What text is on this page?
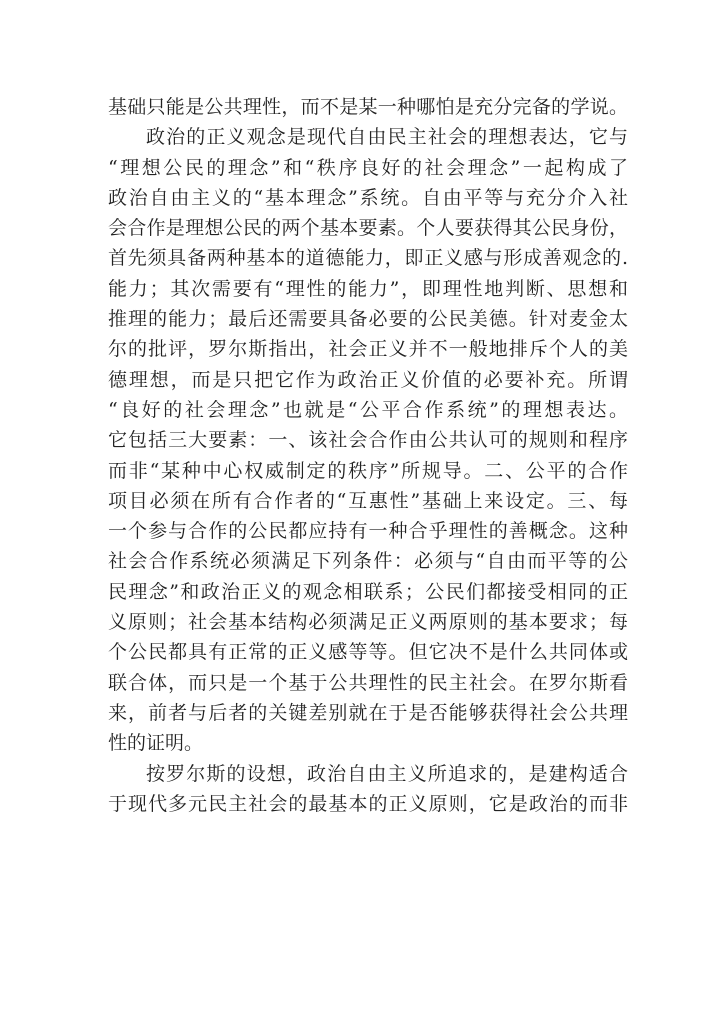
基础只能是公共理性，而不是某一种哪怕是充分完备的学说。
政治的正义观念是现代自由民主社会的理想表达，它与
“理想公民的理念”和“秩序良好的社会理念”一起构成了
政治自由主义的“基本理念”系统。自由平等与充分介入社
会合作是理想公民的两个基本要素。个人要获得其公民身份，
首先须具备两种基本的道德能力，即正义感与形成善观念的.
能力；其次需要有“理性的能力”，即理性地判断、思想和
推理的能力；最后还需要具备必要的公民美德。针对麦金太
尔的批评，罗尔斯指出，社会正义并不一般地排斥个人的美
德理想，而是只把它作为政治正义价值的必要补充。所谓
“良好的社会理念”也就是“公平合作系统”的理想表达。
它包括三大要素：一、该社会合作由公共认可的规则和程序
而非“某种中心权威制定的秩序”所规导。二、公平的合作
项目必须在所有合作者的“互惠性”基础上来设定。三、每
一个参与合作的公民都应持有一种合乎理性的善概念。这种
社会合作系统必须满足下列条件：必须与“自由而平等的公
民理念”和政治正义的观念相联系；公民们都接受相同的正
义原则；社会基本结构必须满足正义两原则的基本要求；每
个公民都具有正常的正义感等等。但它决不是什么共同体或
联合体，而只是一个基于公共理性的民主社会。在罗尔斯看
来，前者与后者的关键差别就在于是否能够获得社会公共理
性的证明。
按罗尔斯的设想，政治自由主义所追求的，是建构适合
于现代多元民主社会的最基本的正义原则，它是政治的而非
